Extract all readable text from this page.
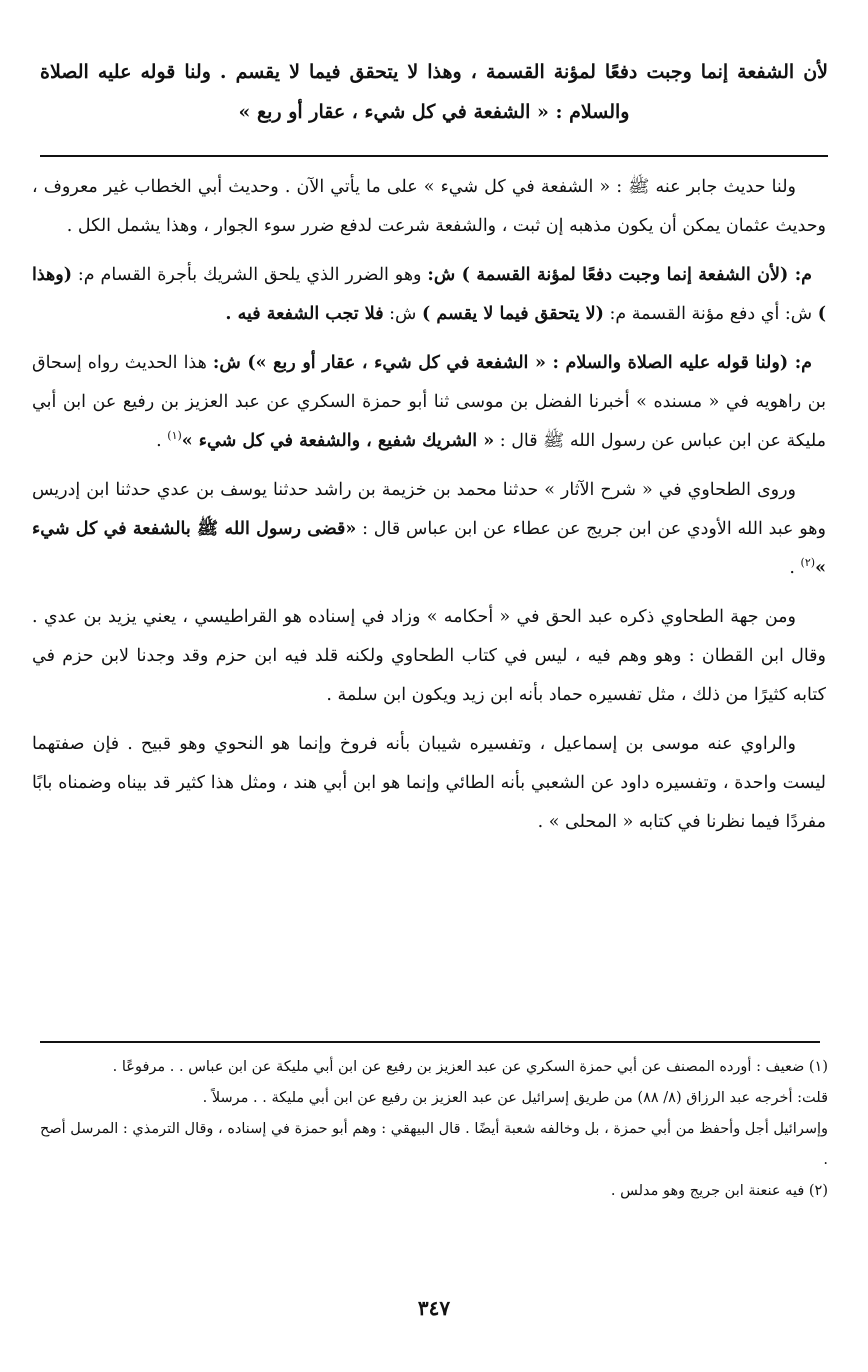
لأن الشفعة إنما وجبت دفعًا لمؤنة القسمة ، وهذا لا يتحقق فيما لا يقسم . ولنا قوله عليه الصلاة والسلام : « الشفعة في كل شيء ، عقار أو ربع »

ولنا حديث جابر عنه ﷺ : « الشفعة في كل شيء » على ما يأتي الآن . وحديث أبي الخطاب غير معروف ، وحديث عثمان يمكن أن يكون مذهبه إن ثبت ، والشفعة شرعت لدفع ضرر سوء الجوار ، وهذا يشمل الكل .

م: (لأن الشفعة إنما وجبت دفعًا لمؤنة القسمة ) ش: وهو الضرر الذي يلحق الشريك بأجرة القسام م: (وهذا ) ش: أي دفع مؤنة القسمة م: (لا يتحقق فيما لا يقسم ) ش: فلا تجب الشفعة فيه .

م: (ولنا قوله عليه الصلاة والسلام : « الشفعة في كل شيء ، عقار أو ربع ») ش: هذا الحديث رواه إسحاق بن راهويه في « مسنده » أخبرنا الفضل بن موسى ثنا أبو حمزة السكري عن عبد العزيز بن رفيع عن ابن أبي مليكة عن ابن عباس عن رسول الله ﷺ قال : « الشريك شفيع ، والشفعة في كل شيء »$^{(١)}$ .

وروى الطحاوي في « شرح الآثار » حدثنا محمد بن خزيمة بن راشد حدثنا يوسف بن عدي حدثنا ابن إدريس وهو عبد الله الأودي عن ابن جريج عن عطاء عن ابن عباس قال : «قضى رسول الله ﷺ بالشفعة في كل شيء »$^{(٢)}$ .

ومن جهة الطحاوي ذكره عبد الحق في « أحكامه » وزاد في إسناده هو القراطيسي ، يعني يزيد بن عدي . وقال ابن القطان : وهو وهم فيه ، ليس في كتاب الطحاوي ولكنه قلد فيه ابن حزم وقد وجدنا لابن حزم في كتابه كثيرًا من ذلك ، مثل تفسيره حماد بأنه ابن زيد ويكون ابن سلمة .

والراوي عنه موسى بن إسماعيل ، وتفسيره شيبان بأنه فروخ وإنما هو النحوي وهو قبيح . فإن صفتهما ليست واحدة ، وتفسيره داود عن الشعبي بأنه الطائي وإنما هو ابن أبي هند ، ومثل هذا كثير قد بيناه وضمناه بابًا مفردًا فيما نظرنا في كتابه « المحلى » .

(١) ضعيف : أورده المصنف عن أبي حمزة السكري عن عبد العزيز بن رفيع عن ابن أبي مليكة عن ابن عباس . . مرفوعًا .

قلت: أخرجه عبد الرزاق (٨/ ٨٨) من طريق إسرائيل عن عبد العزيز بن رفيع عن ابن أبي مليكة . . مرسلاً .

وإسرائيل أجل وأحفظ من أبي حمزة ، بل وخالفه شعبة أيضًا . قال البيهقي : وهم أبو حمزة في إسناده ، وقال الترمذي : المرسل أصح .

(٢) فيه عنعنة ابن جريج وهو مدلس .

٣٤٧
